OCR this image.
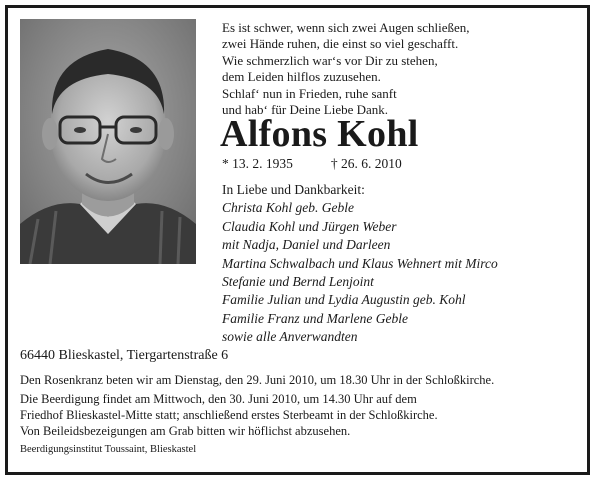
Es ist schwer, wenn sich zwei Augen schließen,
zwei Hände ruhen, die einst so viel geschafft.
Wie schmerzlich war‘s vor Dir zu stehen,
dem Leiden hilflos zuzusehen.
Schlaf‘ nun in Frieden, ruhe sanft
und hab‘ für Deine Liebe Dank.
Alfons Kohl
* 13. 2. 1935	† 26. 6. 2010
In Liebe und Dankbarkeit:
Christa Kohl geb. Geble
Claudia Kohl und Jürgen Weber
mit Nadja, Daniel und Darleen
Martina Schwalbach und Klaus Wehnert mit Mirco
Stefanie und Bernd Lenjoint
Familie Julian und Lydia Augustin geb. Kohl
Familie Franz und Marlene Geble
sowie alle Anverwandten
66440 Blieskastel, Tiergartenstraße 6
Den Rosenkranz beten wir am Dienstag, den 29. Juni 2010, um 18.30 Uhr in der Schloßkirche.
Die Beerdigung findet am Mittwoch, den 30. Juni 2010, um 14.30 Uhr auf dem
Friedhof Blieskastel-Mitte statt; anschließend erstes Sterbeamt in der Schloßkirche.
Von Beileidsbezeigungen am Grab bitten wir höflichst abzusehen.
Beerdigungsinstitut Toussaint, Blieskastel
